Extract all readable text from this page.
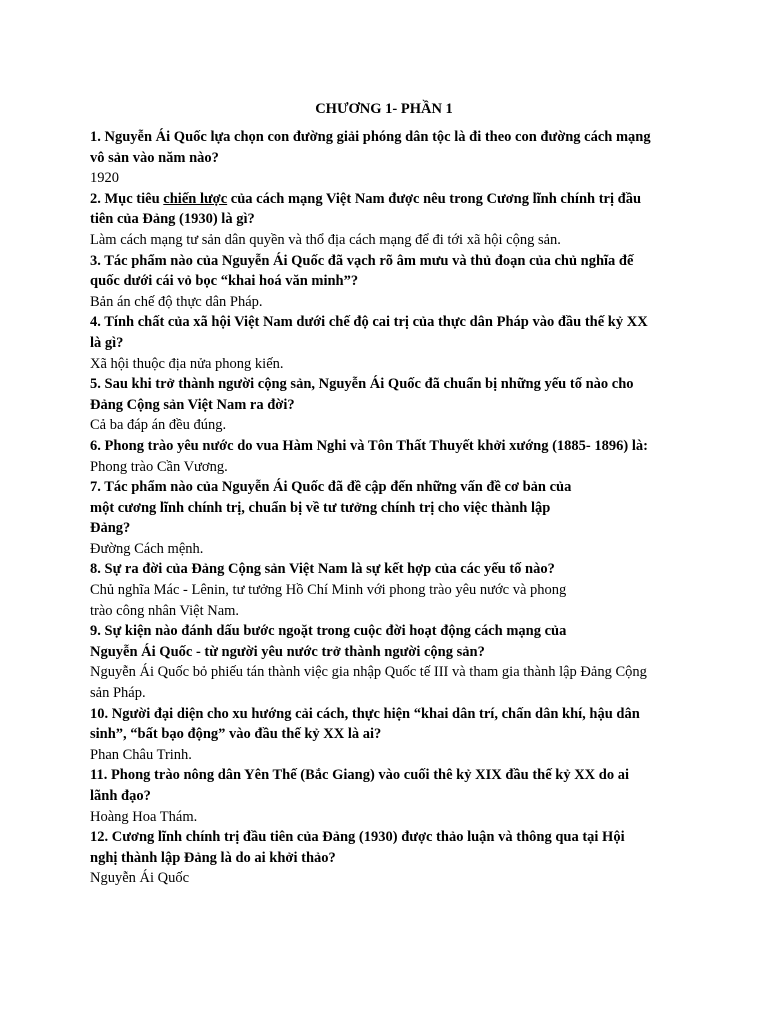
CHƯƠNG 1- PHẦN 1
1. Nguyễn Ái Quốc lựa chọn con đường giải phóng dân tộc là đi theo con đường cách mạng
vô sản vào năm nào?
1920
2. Mục tiêu chiến lược của cách mạng Việt Nam được nêu trong Cương lĩnh chính trị đầu
tiên của Đảng (1930) là gì?
Làm cách mạng tư sản dân quyền và thổ địa cách mạng để đi tới xã hội cộng sản.
3. Tác phẩm nào của Nguyễn Ái Quốc đã vạch rõ âm mưu và thủ đoạn của chủ nghĩa đế
quốc dưới cái vỏ bọc “khai hoá văn minh”?
Bản án chế độ thực dân Pháp.
4. Tính chất của xã hội Việt Nam dưới chế độ cai trị của thực dân Pháp vào đầu thế kỷ XX
là gì?
Xã hội thuộc địa nửa phong kiến.
5. Sau khi trở thành người cộng sản, Nguyễn Ái Quốc đã chuẩn bị những yếu tố nào cho
Đảng Cộng sản Việt Nam ra đời?
Cả ba đáp án đều đúng.
6. Phong trào yêu nước do vua Hàm Nghi và Tôn Thất Thuyết khởi xướng (1885- 1896) là:
Phong trào Cần Vương.
7. Tác phẩm nào của Nguyễn Ái Quốc đã đề cập đến những vấn đề cơ bản của
một cương lĩnh chính trị, chuẩn bị về tư tưởng chính trị cho việc thành lập
Đảng?
Đường Cách mệnh.
8. Sự ra đời của Đảng Cộng sản Việt Nam là sự kết hợp của các yếu tố nào?
Chủ nghĩa Mác - Lênin, tư tưởng Hồ Chí Minh với phong trào yêu nước và phong
trào công nhân Việt Nam.
9. Sự kiện nào đánh dấu bước ngoặt trong cuộc đời hoạt động cách mạng của
Nguyễn Ái Quốc - từ người yêu nước trở thành người cộng sản?
Nguyễn Ái Quốc bỏ phiếu tán thành việc gia nhập Quốc tế III và tham gia thành lập Đảng Cộng
sản Pháp.
10. Người đại diện cho xu hướng cải cách, thực hiện “khai dân trí, chấn dân khí, hậu dân
sinh”, “bất bạo động” vào đầu thế kỷ XX là ai?
Phan Châu Trinh.
11. Phong trào nông dân Yên Thế (Bắc Giang) vào cuối thê kỷ XIX đầu thế kỷ XX do ai
lãnh đạo?
Hoàng Hoa Thám.
12. Cương lĩnh chính trị đầu tiên của Đảng (1930) được thảo luận và thông qua tại Hội
nghị thành lập Đảng là do ai khởi thảo?
Nguyễn Ái Quốc
